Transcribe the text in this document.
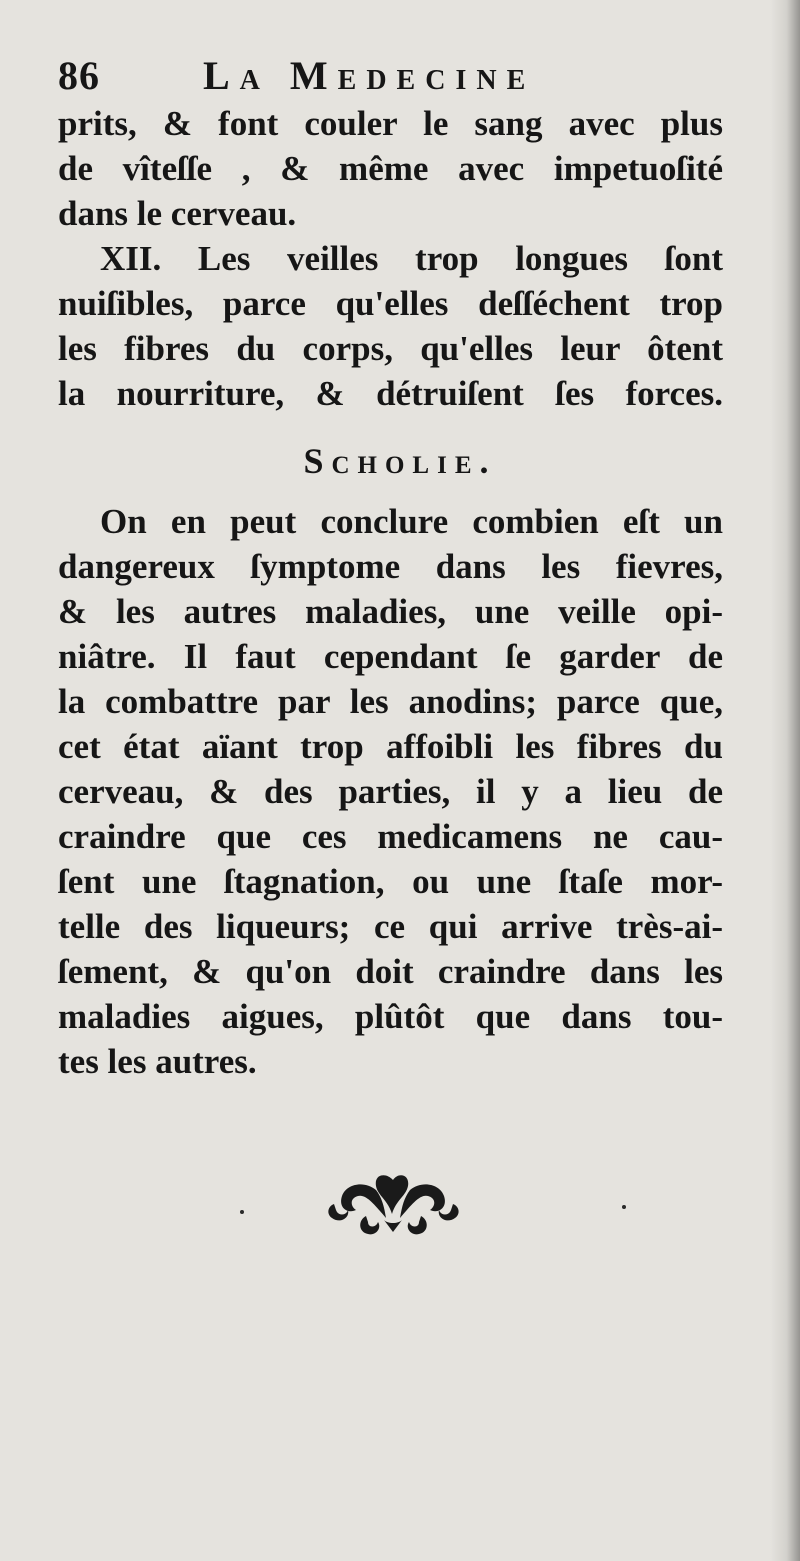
86	La Medecine
prits, & font couler le sang avec plus
de vîteſſe , & même avec impetuoſité
dans le cerveau.
XII. Les veilles trop longues ſont
nuiſibles, parce qu'elles deſſéchent trop
les fibres du corps, qu'elles leur ôtent
la nourriture, & détruiſent ſes forces.
Scholie.
On en peut conclure combien eſt un
dangereux ſymptome dans les fievres,
& les autres maladies, une veille opi-
niâtre. Il faut cependant ſe garder de
la combattre par les anodins; parce que,
cet état aïant trop affoibli les fibres du
cerveau, & des parties, il y a lieu de
craindre que ces medicamens ne cau-
ſent une ſtagnation, ou une ſtaſe mor-
telle des liqueurs; ce qui arrive très-ai-
ſement, & qu'on doit craindre dans les
maladies aigues, plûtôt que dans tou-
tes les autres.
